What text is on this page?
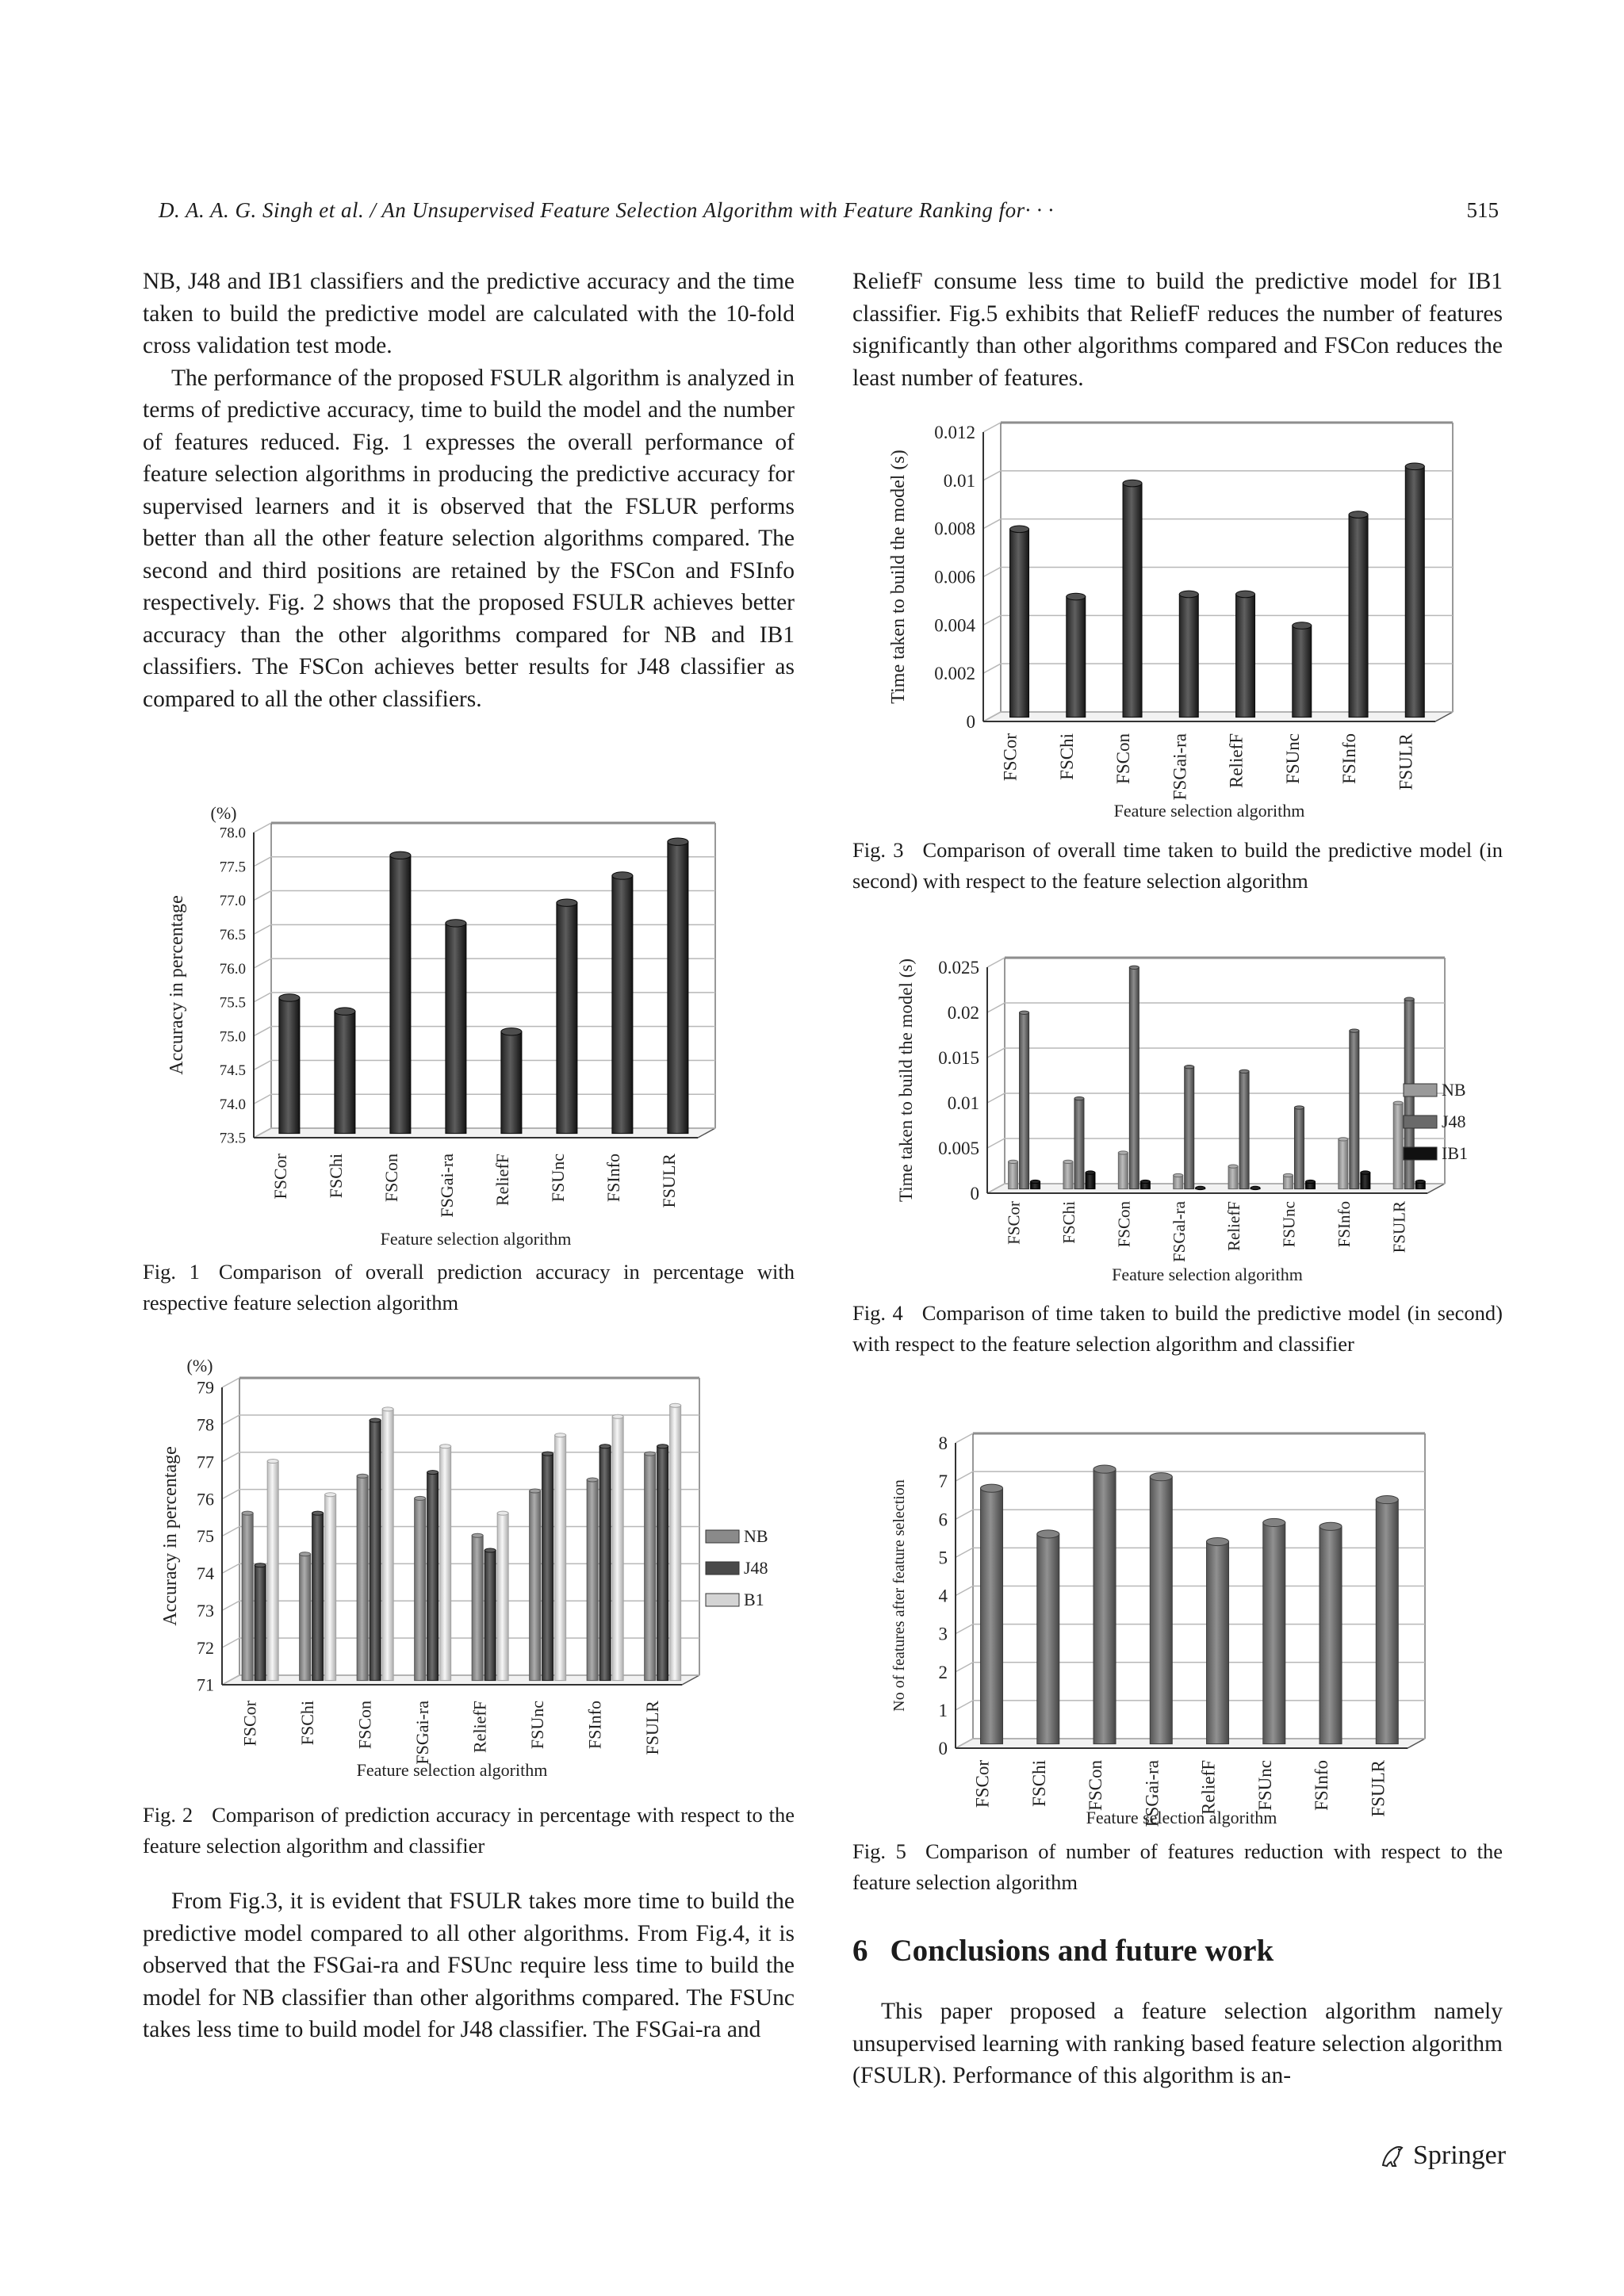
D. A. A. G. Singh et al. / An Unsupervised Feature Selection Algorithm with Feature Ranking for· · ·	515

NB, J48 and IB1 classifiers and the predictive accuracy and the time taken to build the predictive model are calculated with the 10-fold cross validation test mode.

The performance of the proposed FSULR algorithm is analyzed in terms of predictive accuracy, time to build the model and the number of features reduced. Fig. 1 expresses the overall performance of feature selection algorithms in producing the predictive accuracy for supervised learners and it is observed that the FSLUR performs better than all the other feature selection algorithms compared. The second and third positions are retained by the FSCon and FSInfo respectively. Fig. 2 shows that the proposed FSULR achieves better accuracy than the other algorithms compared for NB and IB1 classifiers. The FSCon achieves better results for J48 classifier as compared to all the other classifiers.

73.5
74.0
74.5
75.0
75.5
76.0
76.5
77.0
77.5
78.0
FSCor FSChi FSCon FSGai-ra ReliefF FSUnc FSInfo FSULR
Accuracy in percentage
Feature selection algorithm
(%)
Fig. 1 Comparison of overall prediction accuracy in percentage with respective feature selection algorithm
71
72
73
74
75
76
77
78
79
FSCor FSChi FSCon FSGai-ra ReliefF FSUnc FSInfo FSULR
Accuracy in percentage
Feature selection algorithm
(%)
NB
J48
B1
Fig. 2 Comparison of prediction accuracy in percentage with respect to the feature selection algorithm and classifier

From Fig.3, it is evident that FSULR takes more time to build the predictive model compared to all other algorithms. From Fig.4, it is observed that the FSGai-ra and FSUnc require less time to build the model for NB classifier than other algorithms compared. The FSUnc takes less time to build model for J48 classifier. The FSGai-ra and

ReliefF consume less time to build the predictive model for IB1 classifier. Fig.5 exhibits that ReliefF reduces the number of features significantly than other algorithms compared and FSCon reduces the least number of features.

0
0.002
0.004
0.006
0.008
0.01
0.012
FSCor FSChi FSCon FSGai-ra ReliefF FSUnc FSInfo FSULR
Time taken to build the model (s)
Feature selection algorithm
Fig. 3 Comparison of overall time taken to build the predictive model (in second) with respect to the feature selection algorithm
0
0.005
0.01
0.015
0.02
0.025
FSCor FSChi FSCon FSGal-ra ReliefF FSUnc FSInfo FSULR
Time taken to build the model (s)
Feature selection algorithm
NB
J48
IB1
Fig. 4 Comparison of time taken to build the predictive model (in second) with respect to the feature selection algorithm and classifier
0
1
2
3
4
5
6
7
8
FSCor FSChi FSCon FSGai-ra ReliefF FSUnc FSInfo FSULR
No of features after feature selection
Feature selection algorithm
Fig. 5 Comparison of number of features reduction with respect to the feature selection algorithm
6 Conclusions and future work

This paper proposed a feature selection algorithm namely unsupervised learning with ranking based feature selection algorithm (FSULR). Performance of this algorithm is an-

Springer
